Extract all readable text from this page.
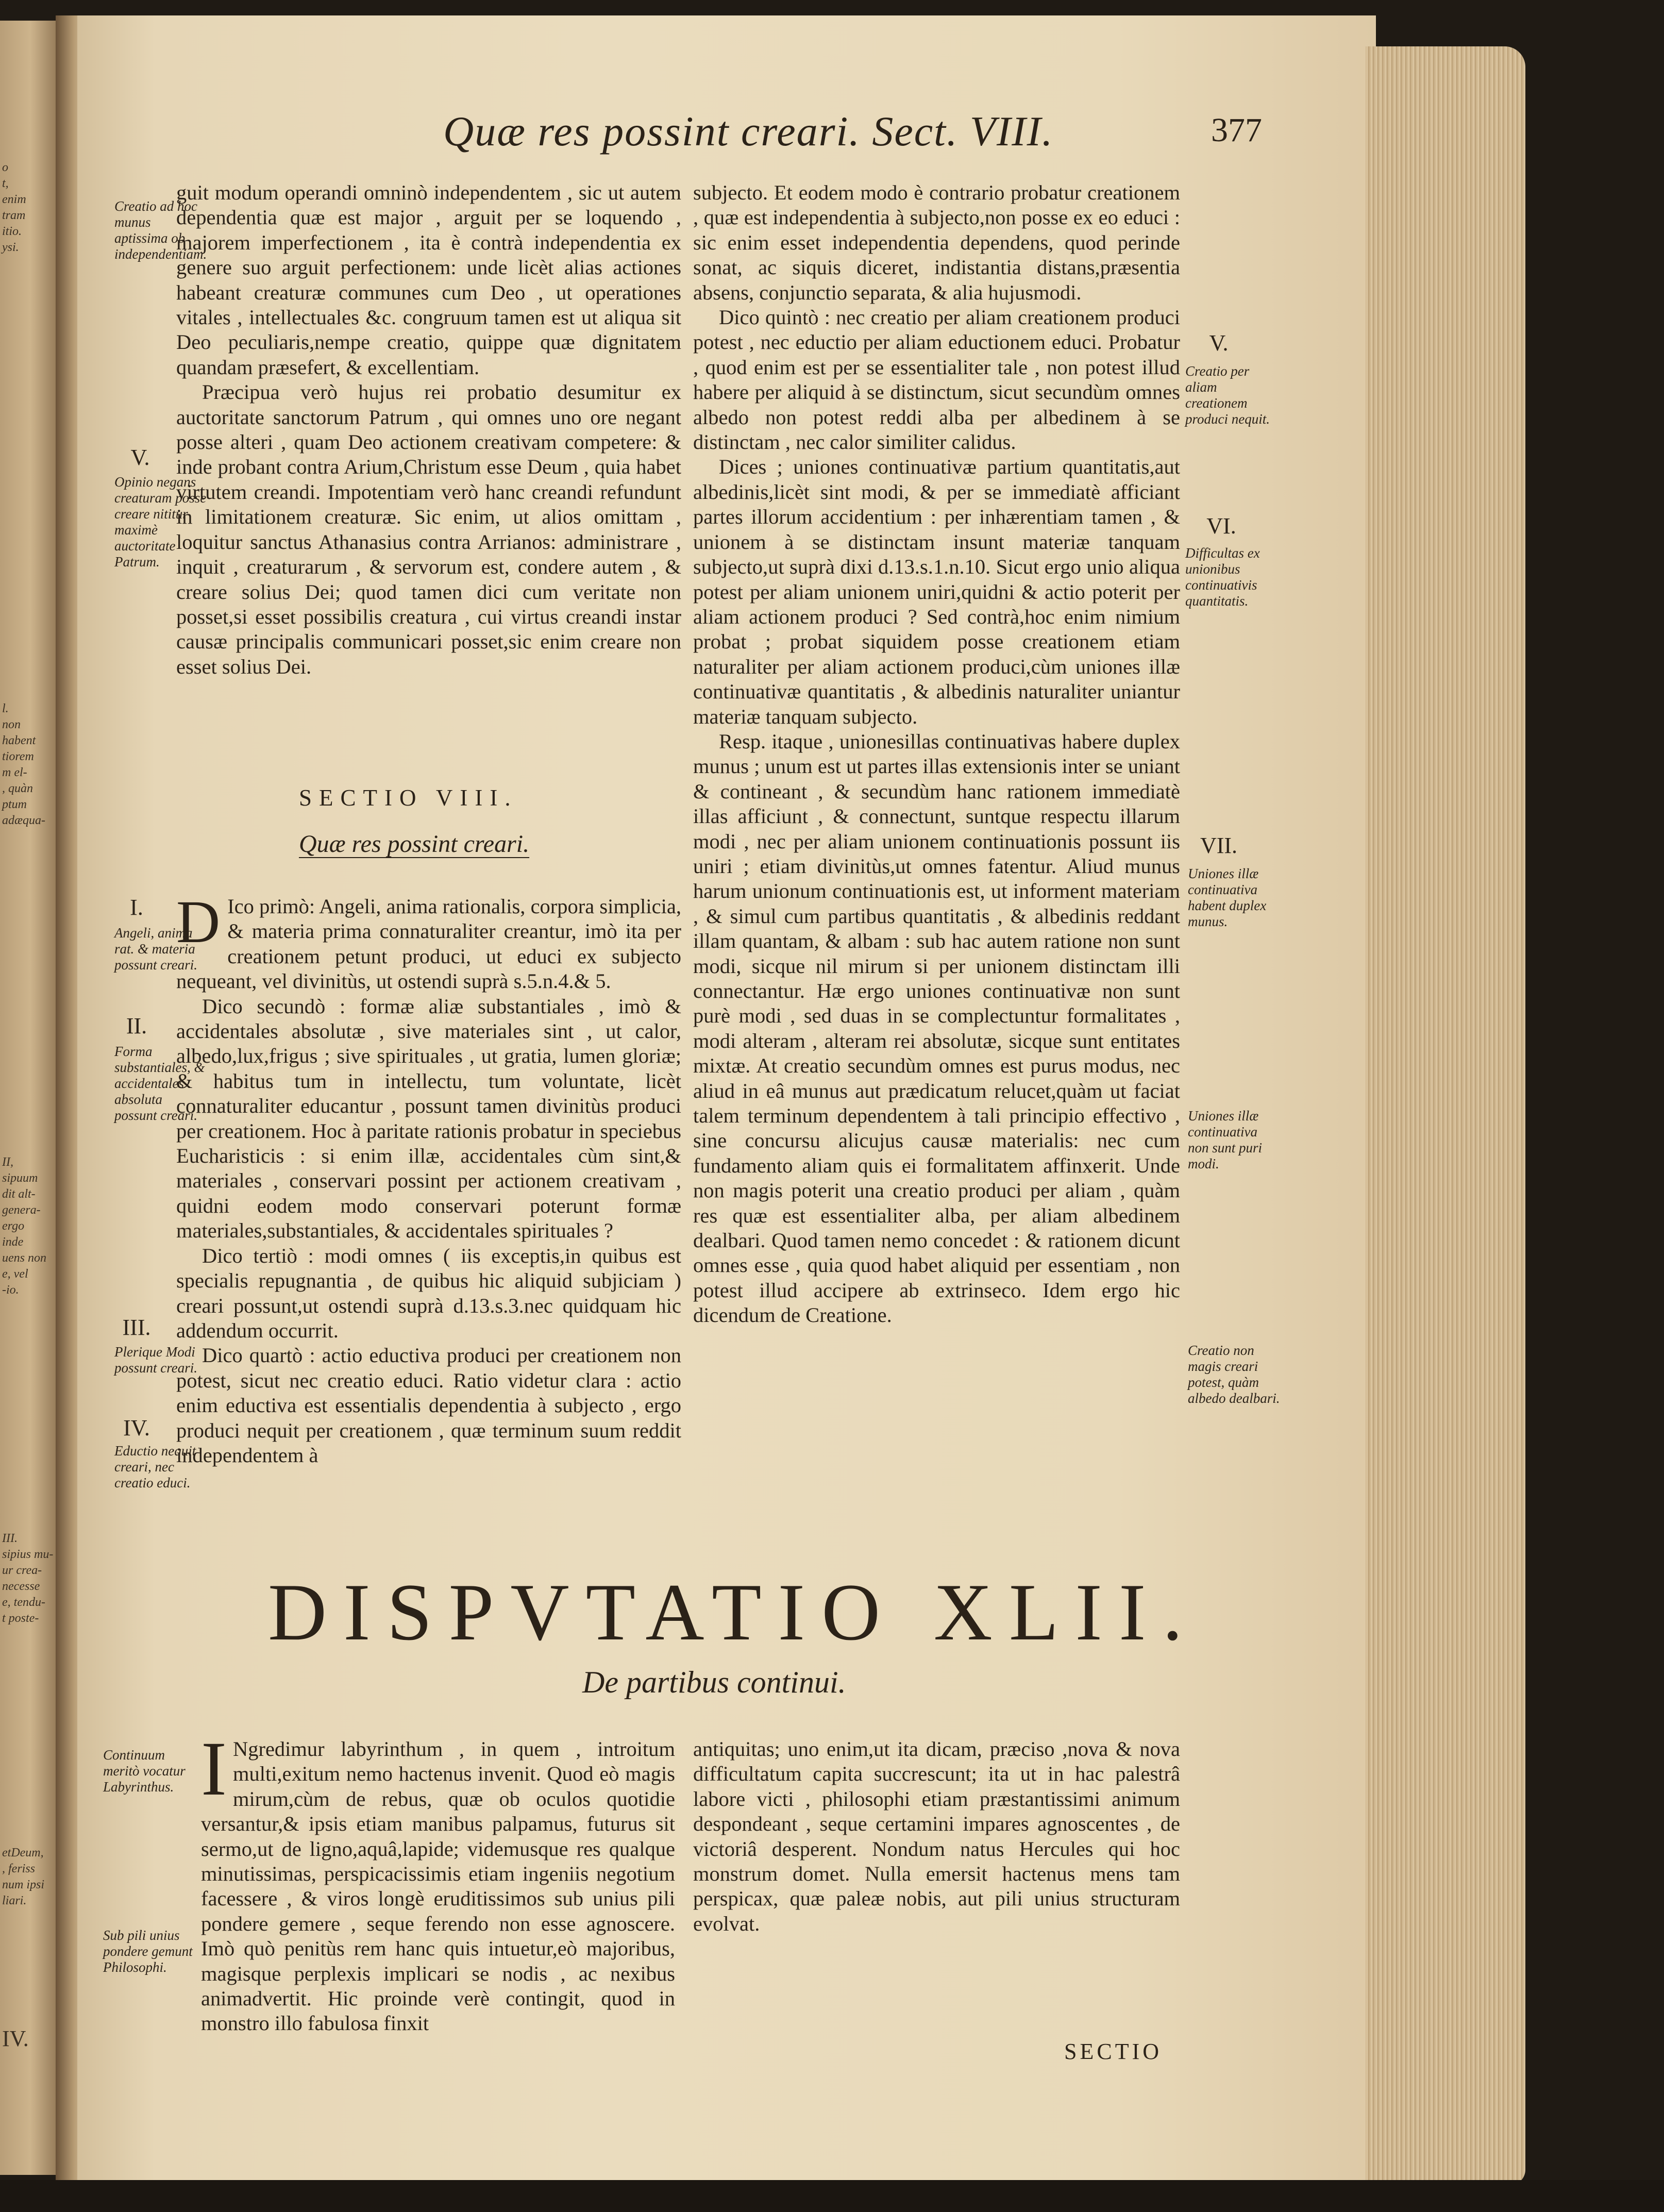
o
t,
enim
tram
itio.
ysi.
l.
non
habent
tiorem
m el-
, quàn
ptum
adæqua-
II,
sipuum
dit alt-
genera-
ergo
inde
uens non
e, vel
-io.
III.
sipius mu-
ur crea-
necesse
e, tendu-
t poste-
etDeum,
, feriss
num ipsi
liari.
IV.
Quæ res possint creari. Sect. VIII.	377
Creatio ad hoc munus aptissima ob independentiam.
V.
Opinio negans creaturam posse creare nititur maximè auctoritate Patrum.
I.
Angeli, anima rat. & materia possunt creari.
II.
Forma substantiales, & accidentales absoluta possunt creari.
III.
Plerique Modi possunt creari.
IV.
Eductio nequit creari, nec creatio educi.

guit modum operandi omninò independentem , sic ut autem dependentia quæ est major , arguit per se loquendo , majorem imperfectionem , ita è contrà independentia ex genere suo arguit perfectionem: unde licèt alias actiones habeant creaturæ communes cum Deo , ut operationes vitales , intellectuales &c. congruum tamen est ut aliqua sit Deo peculiaris,nempe creatio, quippe quæ dignitatem quandam præsefert, & excellentiam.

Præcipua verò hujus rei probatio desumitur ex auctoritate sanctorum Patrum , qui omnes uno ore negant posse alteri , quam Deo actionem creativam competere: & inde probant contra Arium,Christum esse Deum , quia habet virtutem creandi. Impotentiam verò hanc creandi refundunt in limitationem creaturæ. Sic enim, ut alios omittam , loquitur sanctus Athanasius contra Arrianos: administrare , inquit , creaturarum , & servorum est, condere autem , & creare solius Dei; quod tamen dici cum veritate non posset,si esset possibilis creatura , cui virtus creandi instar causæ principalis communicari posset,sic enim creare non esset solius Dei.

SECTIO VIII.
Quæ res possint creari.

D Ico primò: Angeli, anima rationalis, corpora simplicia, & materia prima connaturaliter creantur, imò ita per creationem petunt produci, ut educi ex subjecto nequeant, vel divinitùs, ut ostendi suprà s.5.n.4.& 5.

Dico secundò : formæ aliæ substantiales , imò & accidentales absolutæ , sive materiales sint , ut calor, albedo,lux,frigus ; sive spirituales , ut gratia, lumen gloriæ; & habitus tum in intellectu, tum voluntate, licèt connaturaliter educantur , possunt tamen divinitùs produci per creationem. Hoc à paritate rationis probatur in speciebus Eucharisticis : si enim illæ, accidentales cùm sint,& materiales , conservari possint per actionem creativam , quidni eodem modo conservari poterunt formæ materiales,substantiales, & accidentales spirituales ?

Dico tertiò : modi omnes ( iis exceptis,in quibus est specialis repugnantia , de quibus hic aliquid subjiciam ) creari possunt,ut ostendi suprà d.13.s.3.nec quidquam hic addendum occurrit.

Dico quartò : actio eductiva produci per creationem non potest, sicut nec creatio educi. Ratio videtur clara : actio enim eductiva est essentialis dependentia à subjecto , ergo produci nequit per creationem , quæ terminum suum reddit independentem à

subjecto. Et eodem modo è contrario probatur creationem , quæ est independentia à subjecto,non posse ex eo educi : sic enim esset independentia dependens, quod perinde sonat, ac siquis diceret, indistantia distans,præsentia absens, conjunctio separata, & alia hujusmodi.

Dico quintò : nec creatio per aliam creationem produci potest , nec eductio per aliam eductionem educi. Probatur , quod enim est per se essentialiter tale , non potest illud habere per aliquid à se distinctum, sicut secundùm omnes albedo non potest reddi alba per albedinem à se distinctam , nec calor similiter calidus.

Dices ; uniones continuativæ partium quantitatis,aut albedinis,licèt sint modi, & per se immediatè afficiant partes illorum accidentium : per inhærentiam tamen , & unionem à se distinctam insunt materiæ tanquam subjecto,ut suprà dixi d.13.s.1.n.10. Sicut ergo unio aliqua potest per aliam unionem uniri,quidni & actio poterit per aliam actionem produci ? Sed contrà,hoc enim nimium probat ; probat siquidem posse creationem etiam naturaliter per aliam actionem produci,cùm uniones illæ continuativæ quantitatis , & albedinis naturaliter uniantur materiæ tanquam subjecto.

Resp. itaque , unionesillas continuativas habere duplex munus ; unum est ut partes illas extensionis inter se uniant & contineant , & secundùm hanc rationem immediatè illas afficiunt , & connectunt, suntque respectu illarum modi , nec per aliam unionem continuationis possunt iis uniri ; etiam divinitùs,ut omnes fatentur. Aliud munus harum unionum continuationis est, ut informent materiam , & simul cum partibus quantitatis , & albedinis reddant illam quantam, & albam : sub hac autem ratione non sunt modi, sicque nil mirum si per unionem distinctam illi connectantur. Hæ ergo uniones continuativæ non sunt purè modi , sed duas in se complectuntur formalitates , modi alteram , alteram rei absolutæ, sicque sunt entitates mixtæ. At creatio secundùm omnes est purus modus, nec aliud in eâ munus aut prædicatum relucet,quàm ut faciat talem terminum dependentem à tali principio effectivo , sine concursu alicujus causæ materialis: nec cum fundamento aliam quis ei formalitatem affinxerit. Unde non magis poterit una creatio produci per aliam , quàm res quæ est essentialiter alba, per aliam albedinem dealbari. Quod tamen nemo concedet : & rationem dicunt omnes esse , quia quod habet aliquid per essentiam , non potest illud accipere ab extrinseco. Idem ergo hic dicendum de Creatione.

V.
Creatio per aliam creationem produci nequit.
VI.
Difficultas ex unionibus continuativis quantitatis.
VII.
Uniones illæ continuativa habent duplex munus.
Uniones illæ continuativa non sunt puri modi.
Creatio non magis creari potest, quàm albedo dealbari.
DISPVTATIO XLII.
De partibus continui.
Continuum meritò vocatur Labyrinthus.
Sub pili unius pondere gemunt Philosophi.

I Ngredimur labyrinthum , in quem , introitum multi,exitum nemo hactenus invenit. Quod eò magis mirum,cùm de rebus, quæ ob oculos quotidie versantur,& ipsis etiam manibus palpamus, futurus sit sermo,ut de ligno,aquâ,lapide; videmusque res qualque minutissimas, perspicacissimis etiam ingeniis negotium facessere , & viros longè eruditissimos sub unius pili pondere gemere , seque ferendo non esse agnoscere. Imò quò penitùs rem hanc quis intuetur,eò majoribus, magisque perplexis implicari se nodis , ac nexibus animadvertit. Hic proinde verè contingit, quod in monstro illo fabulosa finxit

antiquitas; uno enim,ut ita dicam, præciso ,nova & nova difficultatum capita succrescunt; ita ut in hac palestrâ labore victi , philosophi etiam præstantissimi animum despondeant , seque certamini impares agnoscentes , de victoriâ desperent. Nondum natus Hercules qui hoc monstrum domet. Nulla emersit hactenus mens tam perspicax, quæ paleæ nobis, aut pili unius structuram evolvat.

SECTIO
